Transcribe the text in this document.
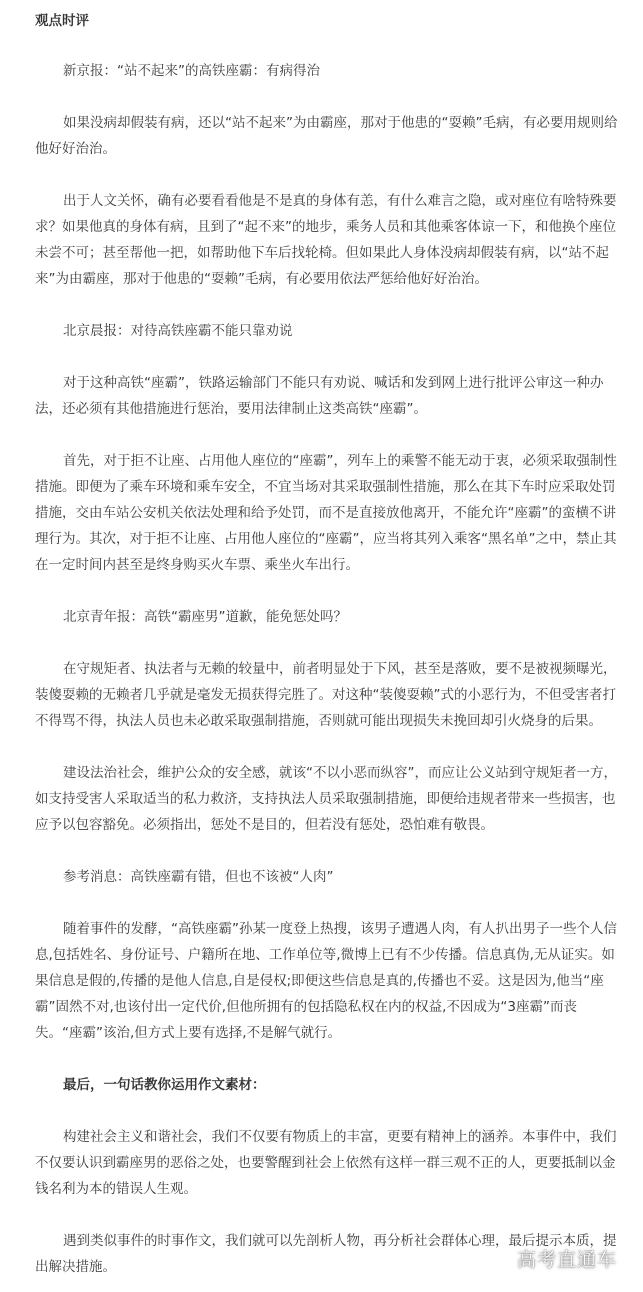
观点时评

新京报：“站不起来”的高铁座霸：有病得治

如果没病却假装有病，还以“站不起来”为由霸座，那对于他患的“耍赖”毛病，有必要用规则给他好好治治。

出于人文关怀，确有必要看看他是不是真的身体有恙，有什么难言之隐，或对座位有啥特殊要求？如果他真的身体有病，且到了“起不来”的地步，乘务人员和其他乘客体谅一下，和他换个座位未尝不可；甚至帮他一把，如帮助他下车后找轮椅。但如果此人身体没病却假装有病，以“站不起来”为由霸座，那对于他患的“耍赖”毛病，有必要用依法严惩给他好好治治。

北京晨报：对待高铁座霸不能只靠劝说

对于这种高铁“座霸”，铁路运输部门不能只有劝说、喊话和发到网上进行批评公审这一种办法，还必须有其他措施进行惩治，要用法律制止这类高铁“座霸”。

首先，对于拒不让座、占用他人座位的“座霸”，列车上的乘警不能无动于衷，必须采取强制性措施。即便为了乘车环境和乘车安全，不宜当场对其采取强制性措施，那么在其下车时应采取处罚措施，交由车站公安机关依法处理和给予处罚，而不是直接放他离开，不能允许“座霸”的蛮横不讲理行为。其次，对于拒不让座、占用他人座位的“座霸”，应当将其列入乘客“黑名单”之中，禁止其在一定时间内甚至是终身购买火车票、乘坐火车出行。

北京青年报：高铁“霸座男”道歉，能免惩处吗？

在守规矩者、执法者与无赖的较量中，前者明显处于下风，甚至是落败，要不是被视频曝光，装傻耍赖的无赖者几乎就是毫发无损获得完胜了。对这种“装傻耍赖”式的小恶行为，不但受害者打不得骂不得，执法人员也未必敢采取强制措施，否则就可能出现损失未挽回却引火烧身的后果。

建设法治社会，维护公众的安全感，就该“不以小恶而纵容”，而应让公义站到守规矩者一方，如支持受害人采取适当的私力救济，支持执法人员采取强制措施，即便给违规者带来一些损害，也应予以包容豁免。必须指出，惩处不是目的，但若没有惩处，恐怕难有敬畏。

参考消息：高铁座霸有错，但也不该被“人肉”

随着事件的发酵，“高铁座霸”孙某一度登上热搜，该男子遭遇人肉，有人扒出男子一些个人信息,包括姓名、身份证号、户籍所在地、工作单位等,微博上已有不少传播。信息真伪,无从证实。如果信息是假的,传播的是他人信息,自是侵权;即便这些信息是真的,传播也不妥。这是因为,他当“座霸”固然不对,也该付出一定代价,但他所拥有的包括隐私权在内的权益,不因成为“3座霸”而丧失。“座霸”该治,但方式上要有选择,不是解气就行。

最后，一句话教你运用作文素材：

构建社会主义和谐社会，我们不仅要有物质上的丰富，更要有精神上的涵养。本事件中，我们不仅要认识到霸座男的恶俗之处，也要警醒到社会上依然有这样一群三观不正的人，更要抵制以金钱名利为本的错误人生观。

遇到类似事件的时事作文，我们就可以先剖析人物，再分析社会群体心理，最后提示本质，提出解决措施。	高考直通车
